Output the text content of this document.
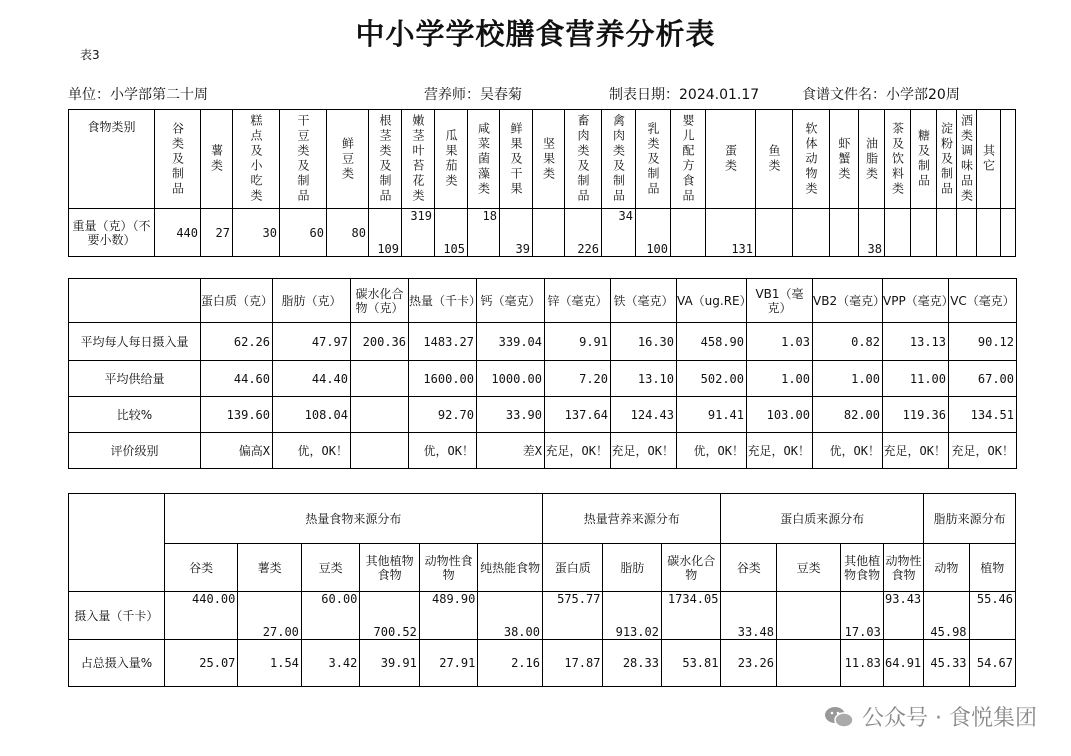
中小学学校膳食营养分析表
表3
单位：小学部第二十周	营养师：吴春菊	制表日期：2024.01.17	食谱文件名：小学部20周
食物类别	谷类及制品	薯类	糕点及小吃类	干豆类及制品	鲜豆类	根茎类及制品	嫩茎叶苔花类	瓜果茄类	咸菜菌藻类	鲜果及干果	坚果类	畜肉类及制品	禽肉类及制品	乳类及制品	婴儿配方食品	蛋类	鱼类	软体动物类	虾蟹类	油脂类	茶及饮料类	糖及制品	淀粉及制品	酒类调味品类	其它	

重量（克）（不要小数）	440	27	30	60	80	109	319	105	18	39		226	34	100		131				38						
	蛋白质（克）	脂肪（克）	碳水化合物（克）	热量（千卡）	钙（毫克）	锌（毫克）	铁（毫克）	VA（ug.RE）	VB1（毫克）	VB2（毫克）	VPP（毫克）	VC（毫克）	
平均每人每日摄入量	62.26	47.97	200.36	1483.27	339.04	9.91	16.30	458.90	1.03	0.82	13.13	90.12	
平均供给量	44.60	44.40		1600.00	1000.00	7.20	13.10	502.00	1.00	1.00	11.00	67.00	
比较%	139.60	108.04		92.70	33.90	137.64	124.43	91.41	103.00	82.00	119.36	134.51	
评价级别	偏高X	优，OK！		优，OK！	差X	充足，OK！	充足，OK！	优，OK！	充足，OK！	优，OK！	充足，OK！	充足，OK！	
	热量食物来源分布						热量营养来源分布			蛋白质来源分布				脂肪来源分布	
	谷类	薯类	豆类	其他植物食物	动物性食物	纯热能食物	蛋白质	脂肪	碳水化合物	谷类	豆类	其他植物食物	动物性食物	动物	植物
摄入量（千卡）	440.00	27.00	60.00	700.52	489.90	38.00	575.77	913.02	1734.05	33.48		17.03	93.43	45.98	55.46
占总摄入量%	25.07	1.54	3.42	39.91	27.91	2.16	17.87	28.33	53.81	23.26		11.83	64.91	45.33	54.67
公众号 · 食悦集团
